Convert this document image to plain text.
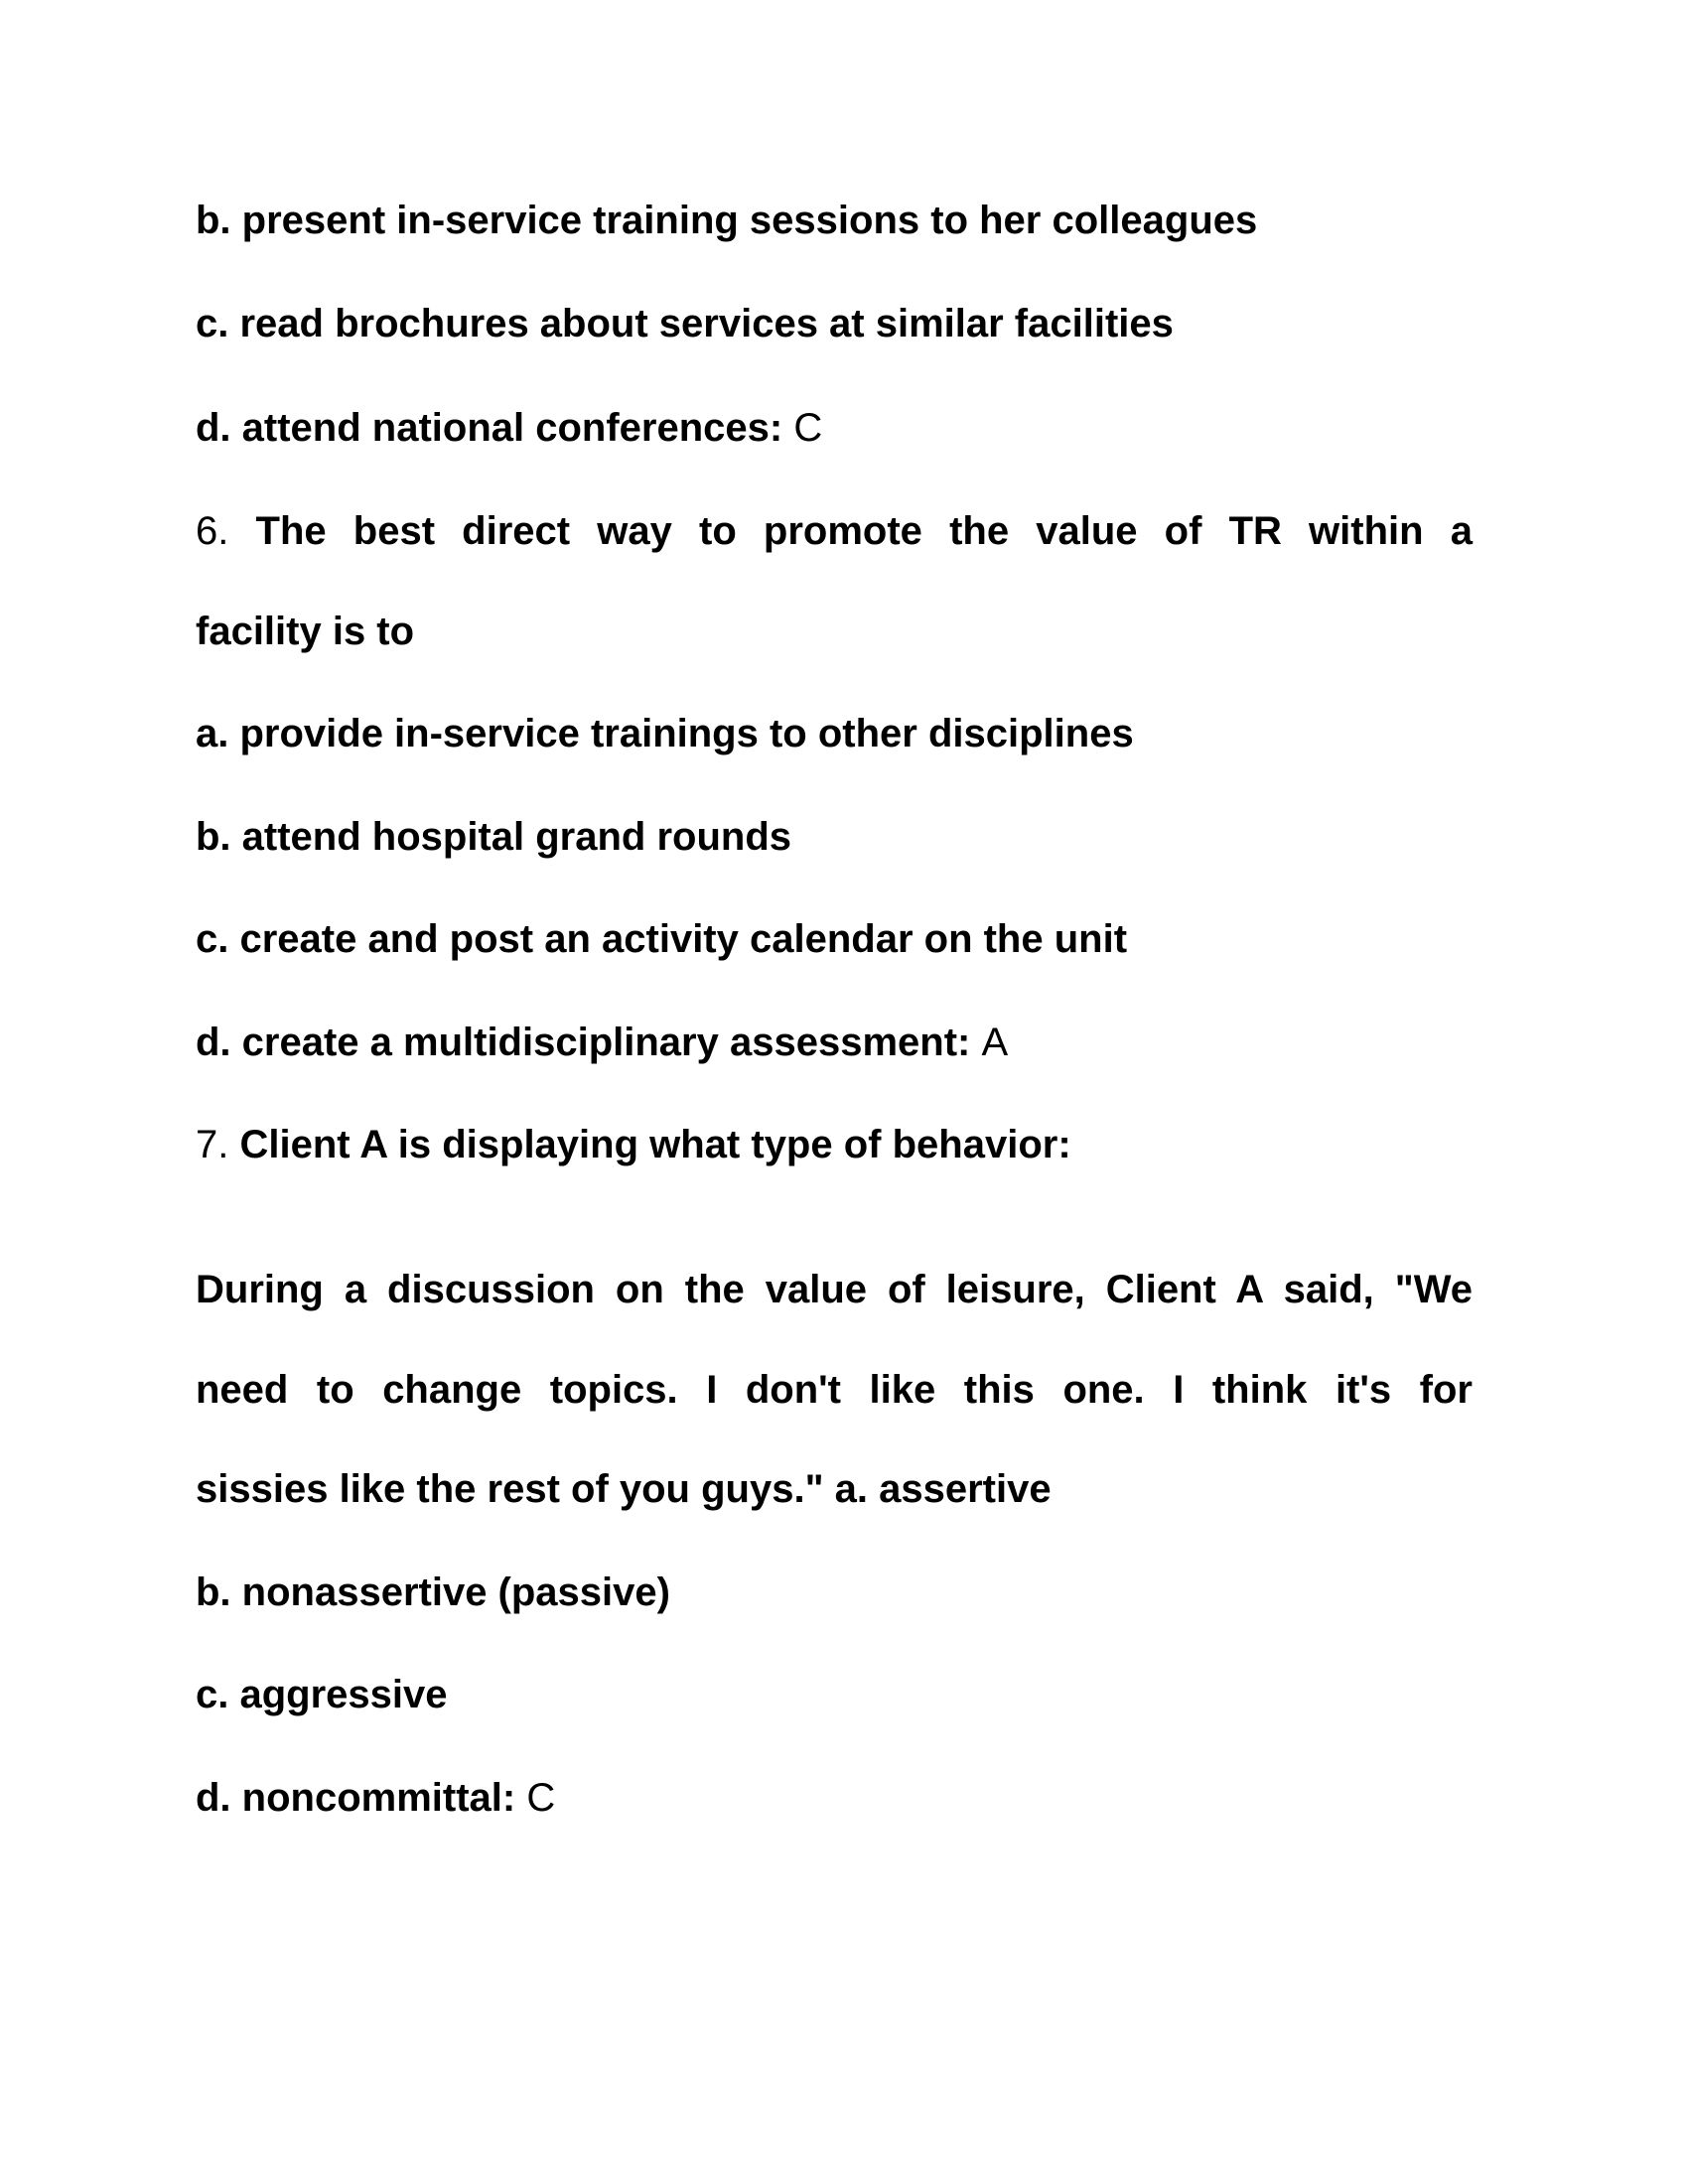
b. present in-service training sessions to her colleagues
c. read brochures about services at similar facilities
d. attend national conferences: C
6. The best direct way to promote the value of TR within a
facility is to
a. provide in-service trainings to other disciplines
b. attend hospital grand rounds
c. create and post an activity calendar on the unit
d. create a multidisciplinary assessment: A
7. Client A is displaying what type of behavior:
During a discussion on the value of leisure, Client A said, "We
need to change topics. I don't like this one. I think it's for
sissies like the rest of you guys." a. assertive
b. nonassertive (passive)
c. aggressive
d. noncommittal: C
